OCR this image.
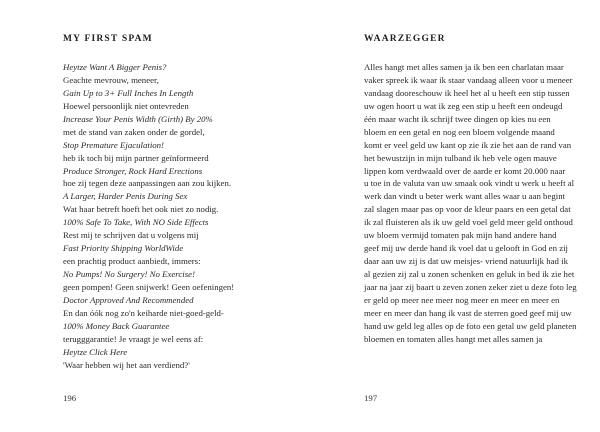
MY FIRST SPAM
Heytze Want A Bigger Penis?
Geachte mevrouw, meneer,
Gain Up to 3+ Full Inches In Length
Hoewel persoonlijk niet ontevreden
Increase Your Penis Width (Girth) By 20%
met de stand van zaken onder de gordel,
Stop Premature Ejaculation!
heb ik toch bij mijn partner geïnformeerd
Produce Stronger, Rock Hard Erections
hoe zij tegen deze aanpassingen aan zou kijken.
A Larger, Harder Penis During Sex
Wat haar betreft hoeft het ook niet zo nodig.
100% Safe To Take, With NO Side Effects
Rest mij te schrijven dat u volgens mij
Fast Priority Shipping WorldWide
een prachtig product aanbiedt, immers:
No Pumps! No Surgery! No Exercise!
geen pompen! Geen snijwerk! Geen oefeningen!
Doctor Approved And Recommended
En dan óók nog zo'n keiharde niet-goed-geld-
100% Money Back Guarantee
terugggarantie! Je vraagt je wel eens af:
Heytze Click Here
'Waar hebben wij het aan verdiend?'
196
WAARZEGGER
Alles hangt met alles samen ja ik ben een charlatan maar
vaker spreek ik waar ik staar vandaag alleen voor u meneer
vandaag dooreschouw ik heel het al u heeft een stip tussen
uw ogen hoort u wat ik zeg een stip u heeft een ondeugd
één maar wacht ik schrijf twee dingen op kies nu een
bloem en een getal en nog een bloem volgende maand
komt er veel geld uw kant op zie ik zie het aan de rand van
het bewustzijn in mijn tulband ik heb vele ogen mauve
lippen kom verdwaald over de aarde er komt 20.000 naar
u toe in de valuta van uw smaak ook vindt u werk u heeft al
werk dan vindt u beter werk want alles waar u aan begint
zal slagen maar pas op voor de kleur paars en een getal dat
ik zal fluisteren als ik uw geld voel geld meer geld onthoud
uw bloem vermijd tomaten pak mijn hand andere hand
geef mij uw derde hand ik voel dat u gelooft in God en zij
daar aan uw zij is dat uw meisjes- vriend natuurlijk had ik
al gezien zij zal u zonen schenken en geluk in bed ik zie het
jaar na jaar zij baart u zeven zonen zeker ziet u deze foto leg
er geld op meer nee meer nog meer en meer en meer en
meer en meer dan hang ik vast de sterren goed geef mij uw
hand uw geld leg alles op de foto een getal uw geld planeten
bloemen en tomaten alles hangt met alles samen ja
197
